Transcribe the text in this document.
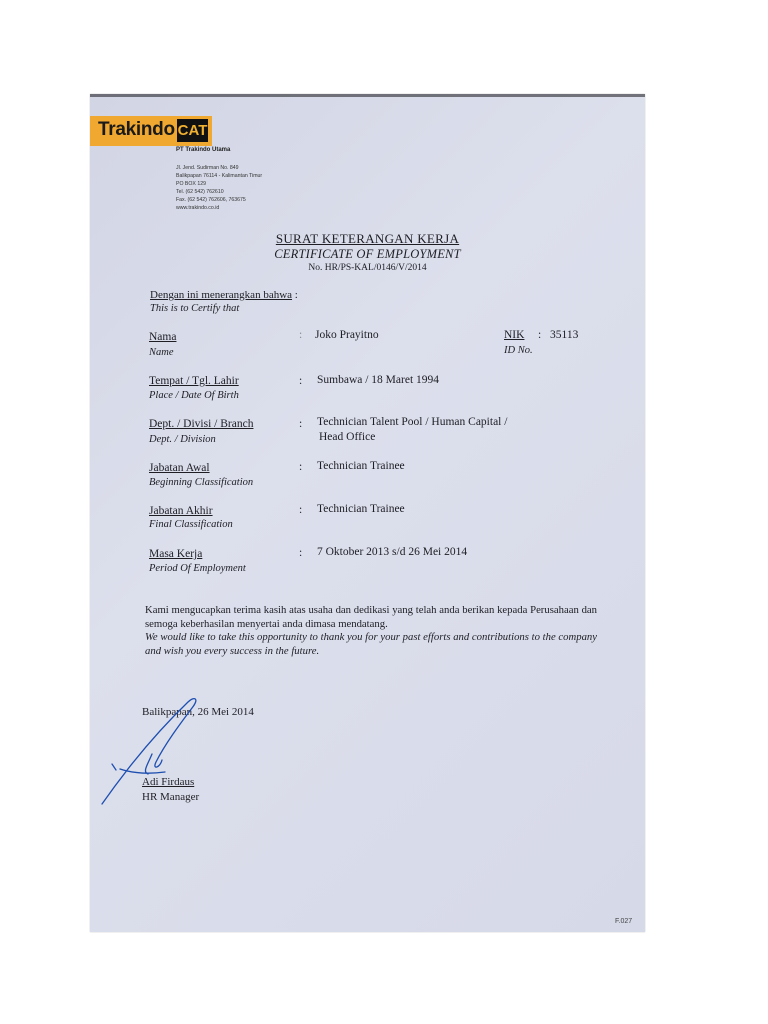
Trakindo CAT
PT Trakindo Utama
Jl. Jend. Sudirman No. 849
Balikpapan 76114 - Kalimantan Timur
PO BOX 129
Tel. (62 542) 762610
Fax. (62 542) 762606, 763675
www.trakindo.co.id
SURAT KETERANGAN KERJA
CERTIFICATE OF EMPLOYMENT
No. HR/PS-KAL/0146/V/2014
Dengan ini menerangkan bahwa :
This is to Certify that
Nama
Name
: Joko Prayitno	NIK
ID No.
: 35113
Tempat / Tgl. Lahir
Place / Date Of Birth
: Sumbawa / 18 Maret 1994
Dept. / Divisi / Branch
Dept. / Division
: Technician Talent Pool / Human Capital /
Head Office
Jabatan Awal
Beginning Classification
: Technician Trainee
Jabatan Akhir
Final Classification
: Technician Trainee
Masa Kerja
Period Of Employment
: 7 Oktober 2013 s/d 26 Mei 2014
Kami mengucapkan terima kasih atas usaha dan dedikasi yang telah anda berikan kepada Perusahaan dan semoga keberhasilan menyertai anda dimasa mendatang.
We would like to take this opportunity to thank you for your past efforts and contributions to the company and wish you every success in the future.
Balikpapan, 26 Mei 2014
Adi Firdaus
HR Manager
F.027
